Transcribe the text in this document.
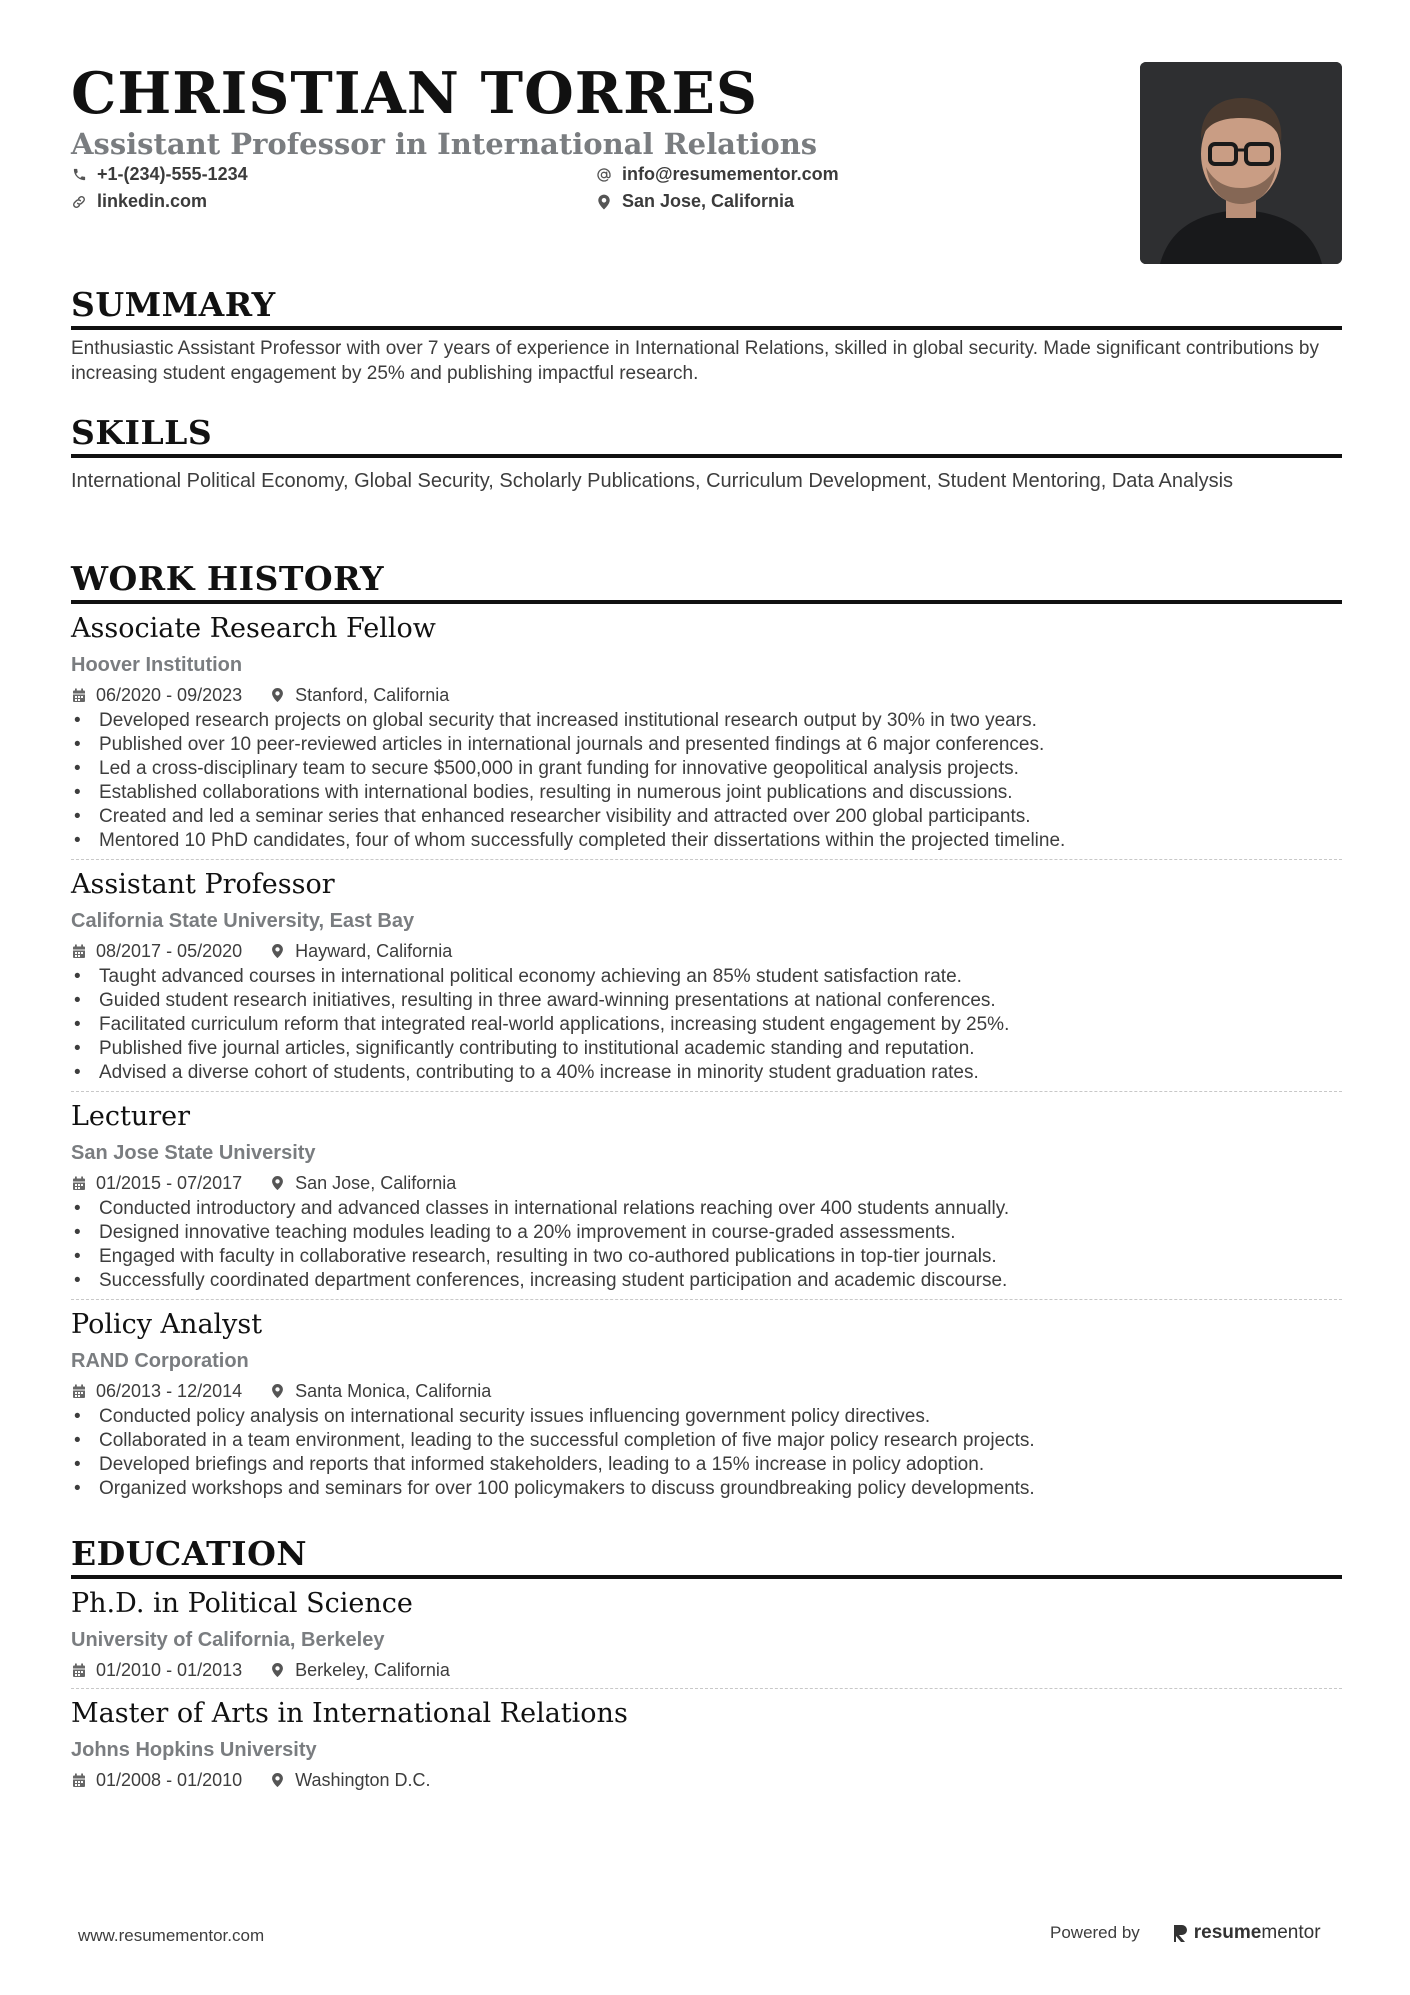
CHRISTIAN TORRES
Assistant Professor in International Relations
+1-(234)-555-1234
linkedin.com
info@resumementor.com
San Jose, California
SUMMARY
Enthusiastic Assistant Professor with over 7 years of experience in International Relations, skilled in global security. Made significant contributions by increasing student engagement by 25% and publishing impactful research.
SKILLS
International Political Economy, Global Security, Scholarly Publications, Curriculum Development, Student Mentoring, Data Analysis
WORK HISTORY
Associate Research Fellow
Hoover Institution
06/2020 - 09/2023	Stanford, California
• Developed research projects on global security that increased institutional research output by 30% in two years.
• Published over 10 peer-reviewed articles in international journals and presented findings at 6 major conferences.
• Led a cross-disciplinary team to secure $500,000 in grant funding for innovative geopolitical analysis projects.
• Established collaborations with international bodies, resulting in numerous joint publications and discussions.
• Created and led a seminar series that enhanced researcher visibility and attracted over 200 global participants.
• Mentored 10 PhD candidates, four of whom successfully completed their dissertations within the projected timeline.
Assistant Professor
California State University, East Bay
08/2017 - 05/2020	Hayward, California
• Taught advanced courses in international political economy achieving an 85% student satisfaction rate.
• Guided student research initiatives, resulting in three award-winning presentations at national conferences.
• Facilitated curriculum reform that integrated real-world applications, increasing student engagement by 25%.
• Published five journal articles, significantly contributing to institutional academic standing and reputation.
• Advised a diverse cohort of students, contributing to a 40% increase in minority student graduation rates.
Lecturer
San Jose State University
01/2015 - 07/2017	San Jose, California
• Conducted introductory and advanced classes in international relations reaching over 400 students annually.
• Designed innovative teaching modules leading to a 20% improvement in course-graded assessments.
• Engaged with faculty in collaborative research, resulting in two co-authored publications in top-tier journals.
• Successfully coordinated department conferences, increasing student participation and academic discourse.
Policy Analyst
RAND Corporation
06/2013 - 12/2014	Santa Monica, California
• Conducted policy analysis on international security issues influencing government policy directives.
• Collaborated in a team environment, leading to the successful completion of five major policy research projects.
• Developed briefings and reports that informed stakeholders, leading to a 15% increase in policy adoption.
• Organized workshops and seminars for over 100 policymakers to discuss groundbreaking policy developments.
EDUCATION
Ph.D. in Political Science
University of California, Berkeley
01/2010 - 01/2013	Berkeley, California
Master of Arts in International Relations
Johns Hopkins University
01/2008 - 01/2010	Washington D.C.
www.resumementor.com	Powered by	resume mentor
